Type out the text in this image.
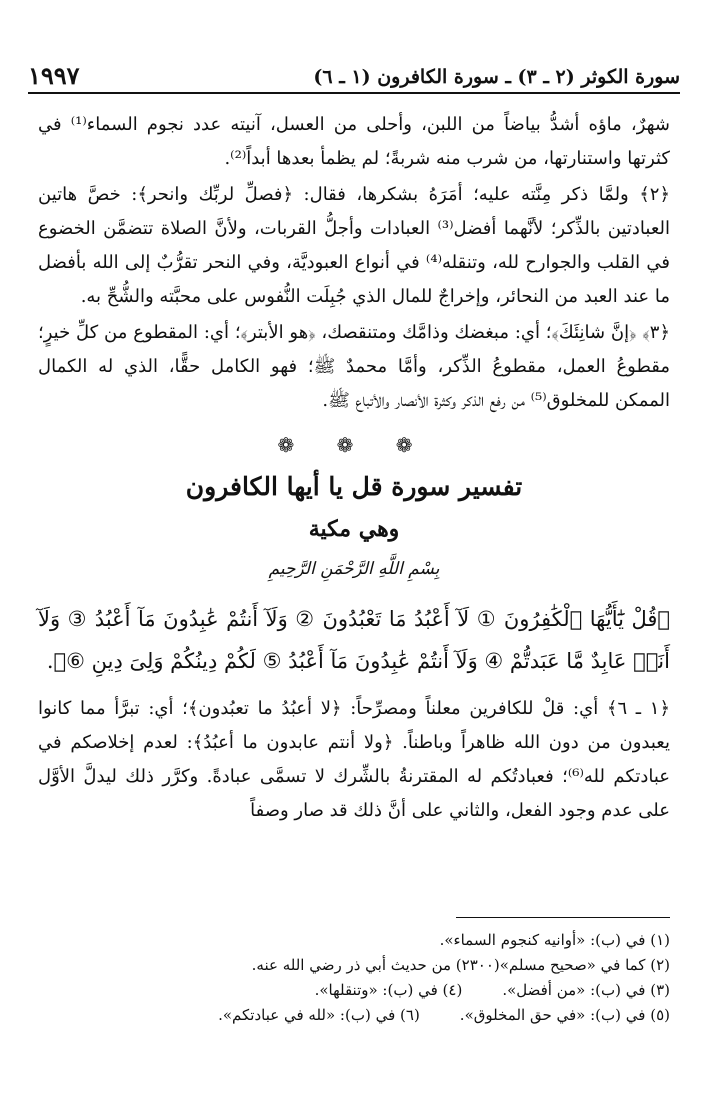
سورة الكوثر (٢ ـ ٣) ـ سورة الكافرون (١ ـ ٦)
١٩٩٧

شهرٌ، ماؤه أشدُّ بياضاً من اللبن، وأحلى من العسل، آنيته عدد نجوم السماء⁽¹⁾ في كثرتها واستنارتها، من شرب منه شربةً؛ لم يظمأ بعدها أبداً⁽²⁾.

﴿٢﴾ ولمَّا ذكر مِنَّته عليه؛ أمَرَهُ بشكرها، فقال: ﴿فصلِّ لربِّك وانحر﴾: خصَّ هاتين العبادتين بالذِّكر؛ لأنَّهما أفضل⁽³⁾ العبادات وأجلُّ القربات، ولأنَّ الصلاة تتضمَّن الخضوع في القلب والجوارح لله، وتنقله⁽⁴⁾ في أنواع العبوديَّة، وفي النحر تقرُّبٌ إلى الله بأفضل ما عند العبد من النحائر، وإخراجٌ للمال الذي جُبِلَت النُّفوس على محبَّته والشُّحِّ به.

﴿٣﴾ ﴿إنَّ شانِئَكَ﴾؛ أي: مبغضك وذامَّك ومتنقصك، ﴿هو الأبتر﴾؛ أي: المقطوع من كلِّ خيرٍ؛ مقطوعُ العمل، مقطوعُ الذِّكر، وأمَّا محمدٌ ﷺ؛ فهو الكامل حقًّا، الذي له الكمال الممكن للمخلوق⁽⁵⁾ من رفع الذكر وكثرة الأنصار والأتباع ﷺ.

❁ ❁ ❁
تفسير سورة قل يا أيها الكافرون
وهي مكية
بِسْمِ اللَّهِ الرَّحْمَنِ الرَّحِيمِ

﴿قُلْ يَٰٓأَيُّهَا ٱلْكَٰفِرُونَ ① لَآ أَعْبُدُ مَا تَعْبُدُونَ ② وَلَآ أَنتُمْ عَٰبِدُونَ مَآ أَعْبُدُ ③ وَلَآ أَنَا۠ عَابِدٌ مَّا عَبَدتُّمْ ④ وَلَآ أَنتُمْ عَٰبِدُونَ مَآ أَعْبُدُ ⑤ لَكُمْ دِينُكُمْ وَلِىَ دِينِ ⑥﴾.

﴿١ ـ ٦﴾ أي: قلْ للكافرين معلناً ومصرِّحاً: ﴿لا أعبُدُ ما تعبُدون﴾؛ أي: تبرَّأ مما كانوا يعبدون من دون الله ظاهراً وباطناً. ﴿ولا أنتم عابدون ما أعبُدُ﴾: لعدم إخلاصكم في عبادتكم لله⁽⁶⁾؛ فعبادتُكم له المقترنةُ بالشِّرك لا تسمَّى عبادةً. وكرَّر ذلك ليدلَّ الأوَّل على عدم وجود الفعل، والثاني على أنَّ ذلك قد صار وصفاً

(١) في (ب): «أوانيه كنجوم السماء».
(٢) كما في «صحيح مسلم»(٢٣٠٠) من حديث أبي ذر رضي الله عنه.
(٣) في (ب): «من أفضل».
(٤) في (ب): «وتنقلها».
(٥) في (ب): «في حق المخلوق».
(٦) في (ب): «لله في عبادتكم».
